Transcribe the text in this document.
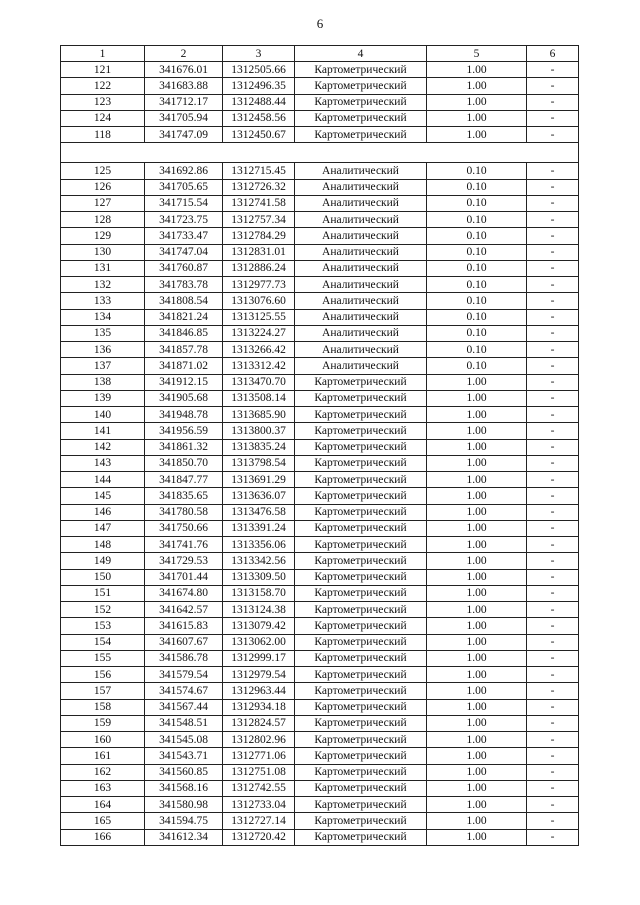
6
1	2	3	4	5	6
121	341676.01	1312505.66	Картометрический	1.00	-
122	341683.88	1312496.35	Картометрический	1.00	-
123	341712.17	1312488.44	Картометрический	1.00	-
124	341705.94	1312458.56	Картометрический	1.00	-
118	341747.09	1312450.67	Картометрический	1.00	-

125	341692.86	1312715.45	Аналитический	0.10	-
126	341705.65	1312726.32	Аналитический	0.10	-
127	341715.54	1312741.58	Аналитический	0.10	-
128	341723.75	1312757.34	Аналитический	0.10	-
129	341733.47	1312784.29	Аналитический	0.10	-
130	341747.04	1312831.01	Аналитический	0.10	-
131	341760.87	1312886.24	Аналитический	0.10	-
132	341783.78	1312977.73	Аналитический	0.10	-
133	341808.54	1313076.60	Аналитический	0.10	-
134	341821.24	1313125.55	Аналитический	0.10	-
135	341846.85	1313224.27	Аналитический	0.10	-
136	341857.78	1313266.42	Аналитический	0.10	-
137	341871.02	1313312.42	Аналитический	0.10	-
138	341912.15	1313470.70	Картометрический	1.00	-
139	341905.68	1313508.14	Картометрический	1.00	-
140	341948.78	1313685.90	Картометрический	1.00	-
141	341956.59	1313800.37	Картометрический	1.00	-
142	341861.32	1313835.24	Картометрический	1.00	-
143	341850.70	1313798.54	Картометрический	1.00	-
144	341847.77	1313691.29	Картометрический	1.00	-
145	341835.65	1313636.07	Картометрический	1.00	-
146	341780.58	1313476.58	Картометрический	1.00	-
147	341750.66	1313391.24	Картометрический	1.00	-
148	341741.76	1313356.06	Картометрический	1.00	-
149	341729.53	1313342.56	Картометрический	1.00	-
150	341701.44	1313309.50	Картометрический	1.00	-
151	341674.80	1313158.70	Картометрический	1.00	-
152	341642.57	1313124.38	Картометрический	1.00	-
153	341615.83	1313079.42	Картометрический	1.00	-
154	341607.67	1313062.00	Картометрический	1.00	-
155	341586.78	1312999.17	Картометрический	1.00	-
156	341579.54	1312979.54	Картометрический	1.00	-
157	341574.67	1312963.44	Картометрический	1.00	-
158	341567.44	1312934.18	Картометрический	1.00	-
159	341548.51	1312824.57	Картометрический	1.00	-
160	341545.08	1312802.96	Картометрический	1.00	-
161	341543.71	1312771.06	Картометрический	1.00	-
162	341560.85	1312751.08	Картометрический	1.00	-
163	341568.16	1312742.55	Картометрический	1.00	-
164	341580.98	1312733.04	Картометрический	1.00	-
165	341594.75	1312727.14	Картометрический	1.00	-
166	341612.34	1312720.42	Картометрический	1.00	-
